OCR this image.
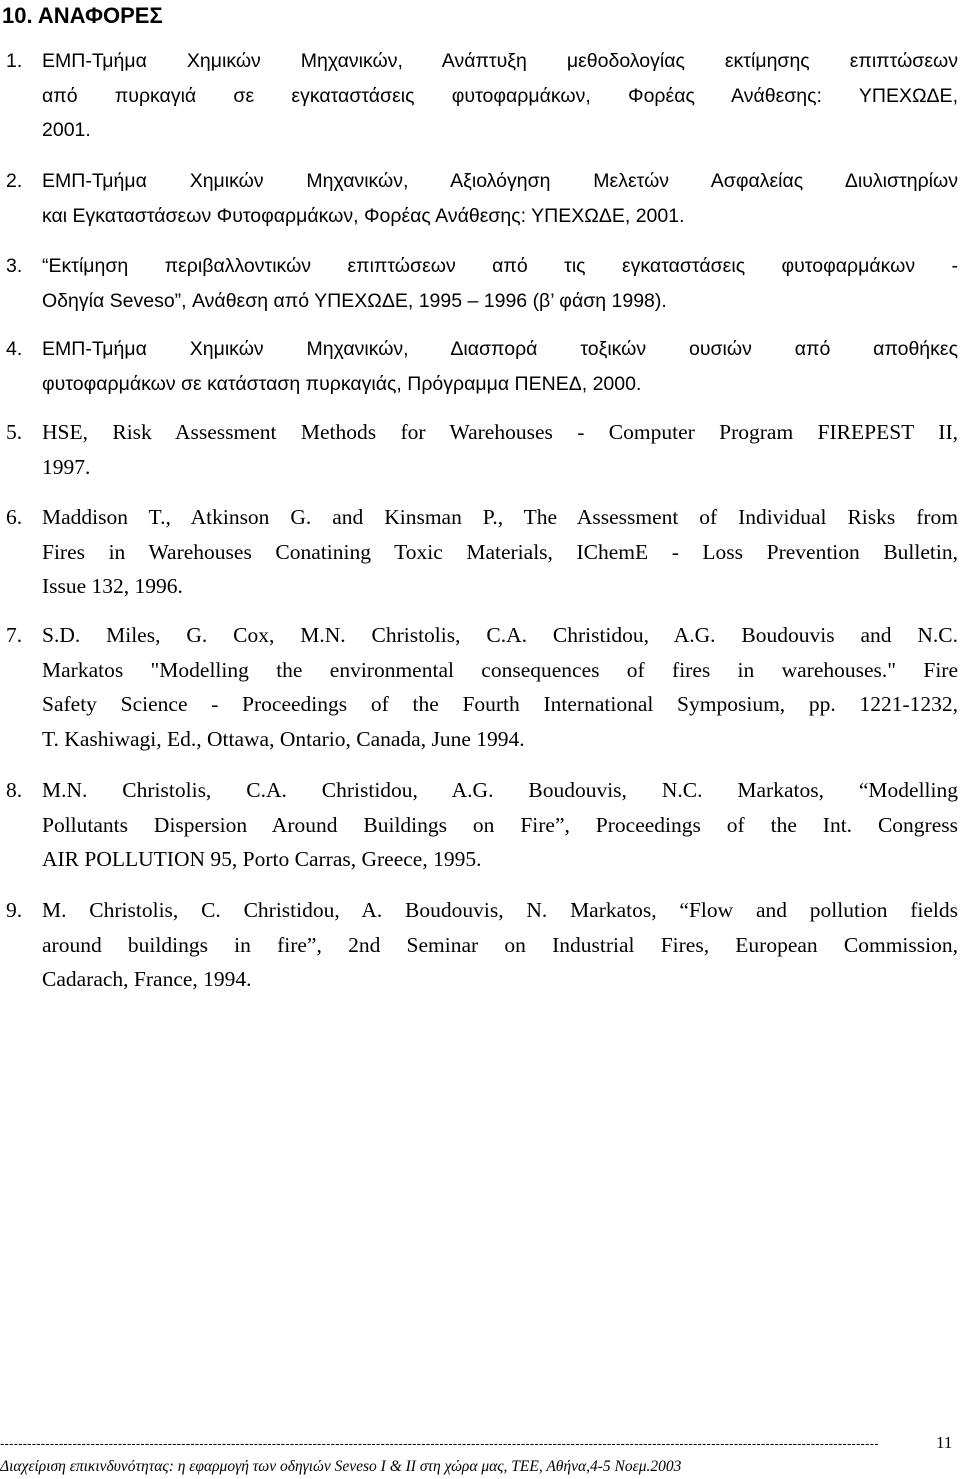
10. ΑΝΑΦΟΡΕΣ
1. ΕΜΠ-Τμήμα Χημικών Μηχανικών, Ανάπτυξη μεθοδολογίας εκτίμησης επιπτώσεων
από πυρκαγιά σε εγκαταστάσεις φυτοφαρμάκων, Φορέας Ανάθεσης: ΥΠΕΧΩΔΕ,
2001.
2. ΕΜΠ-Τμήμα Χημικών Μηχανικών, Αξιολόγηση Μελετών Ασφαλείας Διυλιστηρίων
και Εγκαταστάσεων Φυτοφαρμάκων, Φορέας Ανάθεσης: ΥΠΕΧΩΔΕ, 2001.
3. “Εκτίμηση περιβαλλοντικών επιπτώσεων από τις εγκαταστάσεις φυτοφαρμάκων -
Οδηγία Seveso”, Ανάθεση από ΥΠΕΧΩΔΕ, 1995 – 1996 (β’ φάση 1998).
4. ΕΜΠ-Τμήμα Χημικών Μηχανικών, Διασπορά τοξικών ουσιών από αποθήκες
φυτοφαρμάκων σε κατάσταση πυρκαγιάς, Πρόγραμμα ΠΕΝΕΔ, 2000.
5. HSE, Risk Assessment Methods for Warehouses - Computer Program FIREPEST II,
1997.
6. Maddison T., Atkinson G. and Kinsman P., The Assessment of Individual Risks from
Fires in Warehouses Conatining Toxic Materials, IChemE - Loss Prevention Bulletin,
Issue 132, 1996.
7. S.D. Miles, G. Cox, M.N. Christolis, C.A. Christidou, A.G. Boudouvis and N.C.
Markatos "Modelling the environmental consequences of fires in warehouses." Fire
Safety Science - Proceedings of the Fourth International Symposium, pp. 1221-1232,
T. Kashiwagi, Ed., Ottawa, Ontario, Canada, June 1994.
8. M.N. Christolis, C.A. Christidou, A.G. Boudouvis, N.C. Markatos, “Modelling
Pollutants Dispersion Around Buildings on Fire”, Proceedings of the Int. Congress
AIR POLLUTION 95, Porto Carras, Greece, 1995.
9. M. Christolis, C. Christidou, A. Boudouvis, N. Markatos, “Flow and pollution fields
around buildings in fire”, 2nd Seminar on Industrial Fires, European Commission,
Cadarach, France, 1994.
--------------------------------------------------------------------------------------------------------------------------------------------------------------------------------------------------	11
Διαχείριση επικινδυνότητας: η εφαρμογή των οδηγιών Seveso I & II στη χώρα μας, ΤΕΕ, Αθήνα,4-5 Νοεμ.2003
